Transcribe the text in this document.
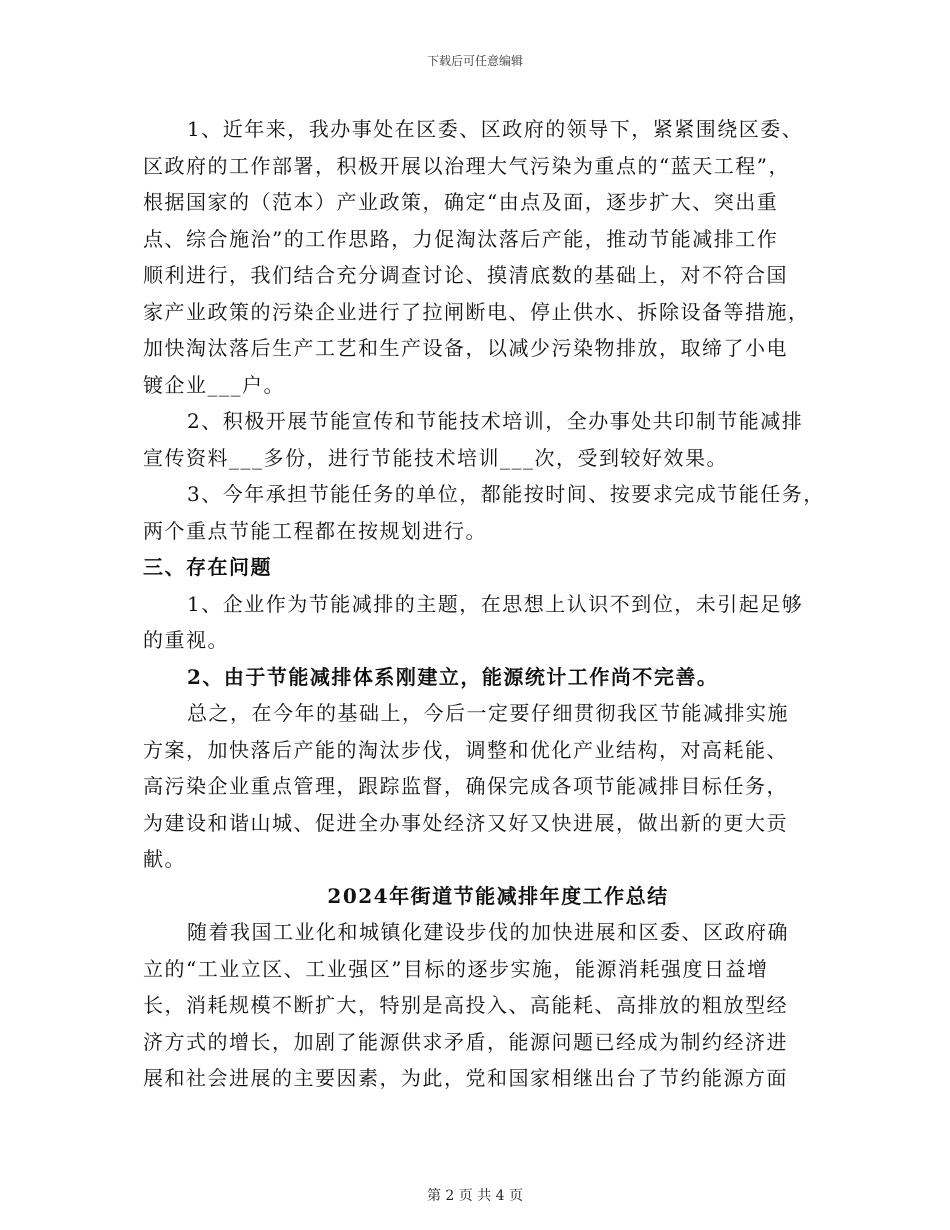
下载后可任意编辑
1、近年来，我办事处在区委、区政府的领导下，紧紧围绕区委、
区政府的工作部署，积极开展以治理大气污染为重点的“蓝天工程”，
根据国家的（范本）产业政策，确定“由点及面，逐步扩大、突出重
点、综合施治”的工作思路，力促淘汰落后产能，推动节能减排工作
顺利进行，我们结合充分调查讨论、摸清底数的基础上，对不符合国
家产业政策的污染企业进行了拉闸断电、停止供水、拆除设备等措施，
加快淘汰落后生产工艺和生产设备，以减少污染物排放，取缔了小电
镀企业___户。
2、积极开展节能宣传和节能技术培训，全办事处共印制节能减排
宣传资料___多份，进行节能技术培训___次，受到较好效果。
3、今年承担节能任务的单位，都能按时间、按要求完成节能任务，
两个重点节能工程都在按规划进行。
三、存在问题
1、企业作为节能减排的主题，在思想上认识不到位，未引起足够
的重视。
2、由于节能减排体系刚建立，能源统计工作尚不完善。
总之，在今年的基础上，今后一定要仔细贯彻我区节能减排实施
方案，加快落后产能的淘汰步伐，调整和优化产业结构，对高耗能、
高污染企业重点管理，跟踪监督，确保完成各项节能减排目标任务，
为建设和谐山城、促进全办事处经济又好又快进展，做出新的更大贡
献。
2024年街道节能减排年度工作总结
随着我国工业化和城镇化建设步伐的加快进展和区委、区政府确
立的“工业立区、工业强区”目标的逐步实施，能源消耗强度日益增
长，消耗规模不断扩大，特别是高投入、高能耗、高排放的粗放型经
济方式的增长，加剧了能源供求矛盾，能源问题已经成为制约经济进
展和社会进展的主要因素，为此，党和国家相继出台了节约能源方面
第 2 页 共 4 页
